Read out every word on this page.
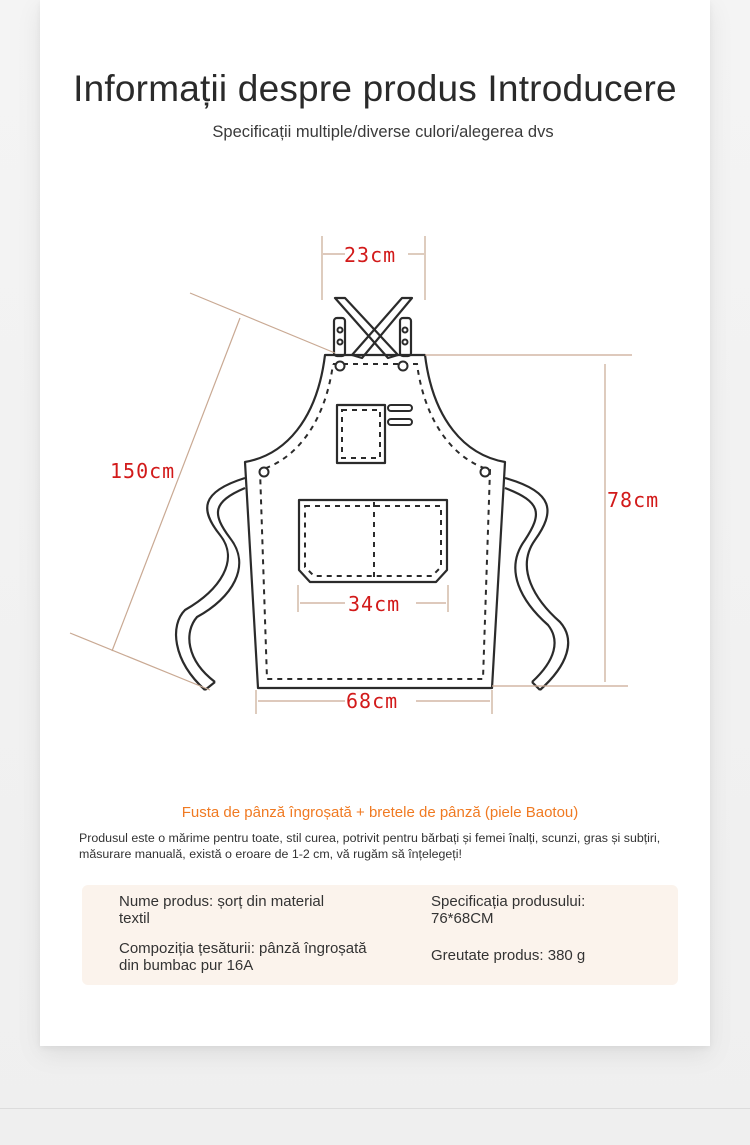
Informații despre produs Introducere
Specificații multiple/diverse culori/alegerea dvs
23cm
150cm
78cm
34cm
68cm
Fusta de pânză îngroșată + bretele de pânză (piele Baotou)
Produsul este o mărime pentru toate, stil curea, potrivit pentru bărbați și femei înalți, scunzi, gras și subțiri, măsurare manuală, există o eroare de 1-2 cm, vă rugăm să înțelegeți!
Nume produs: șorț din material textil
Compoziția țesăturii: pânză îngroșată din bumbac pur 16A
Specificația produsului: 76*68CM
Greutate produs: 380 g
